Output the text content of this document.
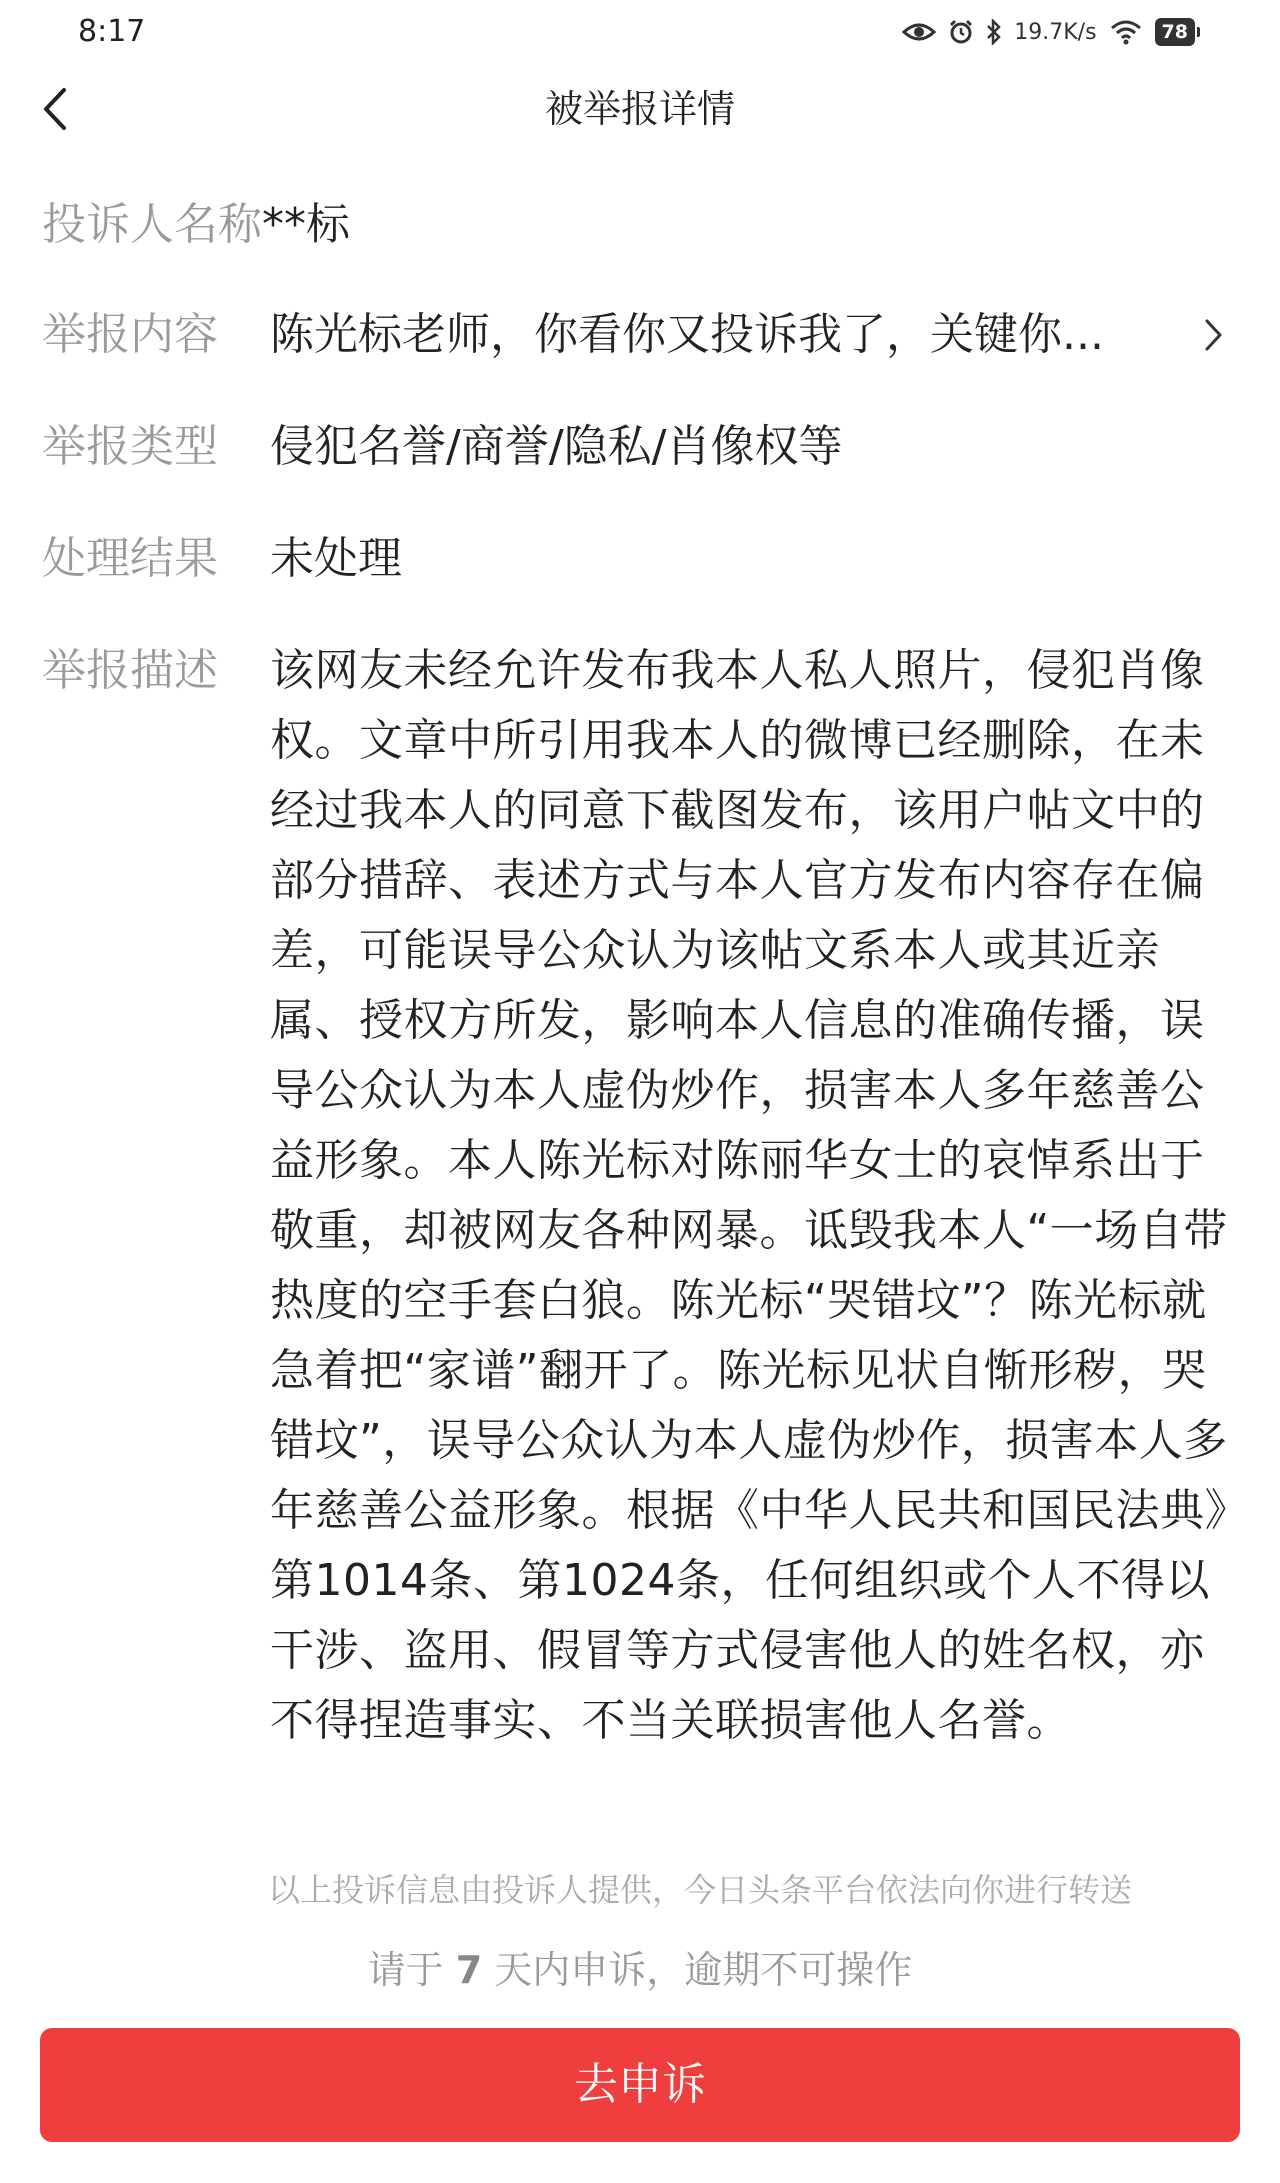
8:17	19.7K/s	78
被举报详情
投诉人名称 **标
举报内容	陈光标老师，你看你又投诉我了，关键你...
举报类型	侵犯名誉/商誉/隐私/肖像权等
处理结果	未处理
举报描述	该网友未经允许发布我本人私人照片，侵犯肖像权。文章中所引用我本人的微博已经删除，在未经过我本人的同意下截图发布，该用户帖文中的部分措辞、表述方式与本人官方发布内容存在偏差，可能误导公众认为该帖文系本人或其近亲属、授权方所发，影响本人信息的准确传播，误导公众认为本人虚伪炒作，损害本人多年慈善公益形象。本人陈光标对陈丽华女士的哀悼系出于敬重，却被网友各种网暴。诋毁我本人“一场自带热度的空手套白狼。陈光标“哭错坟”？陈光标就急着把“家谱”翻开了。陈光标见状自惭形秽，哭错坟”，误导公众认为本人虚伪炒作，损害本人多年慈善公益形象。根据《中华人民共和国民法典》第1014条、第1024条，任何组织或个人不得以干涉、盗用、假冒等方式侵害他人的姓名权，亦不得捏造事实、不当关联损害他人名誉。
以上投诉信息由投诉人提供，今日头条平台依法向你进行转送
请于 7 天内申诉，逾期不可操作
去申诉
